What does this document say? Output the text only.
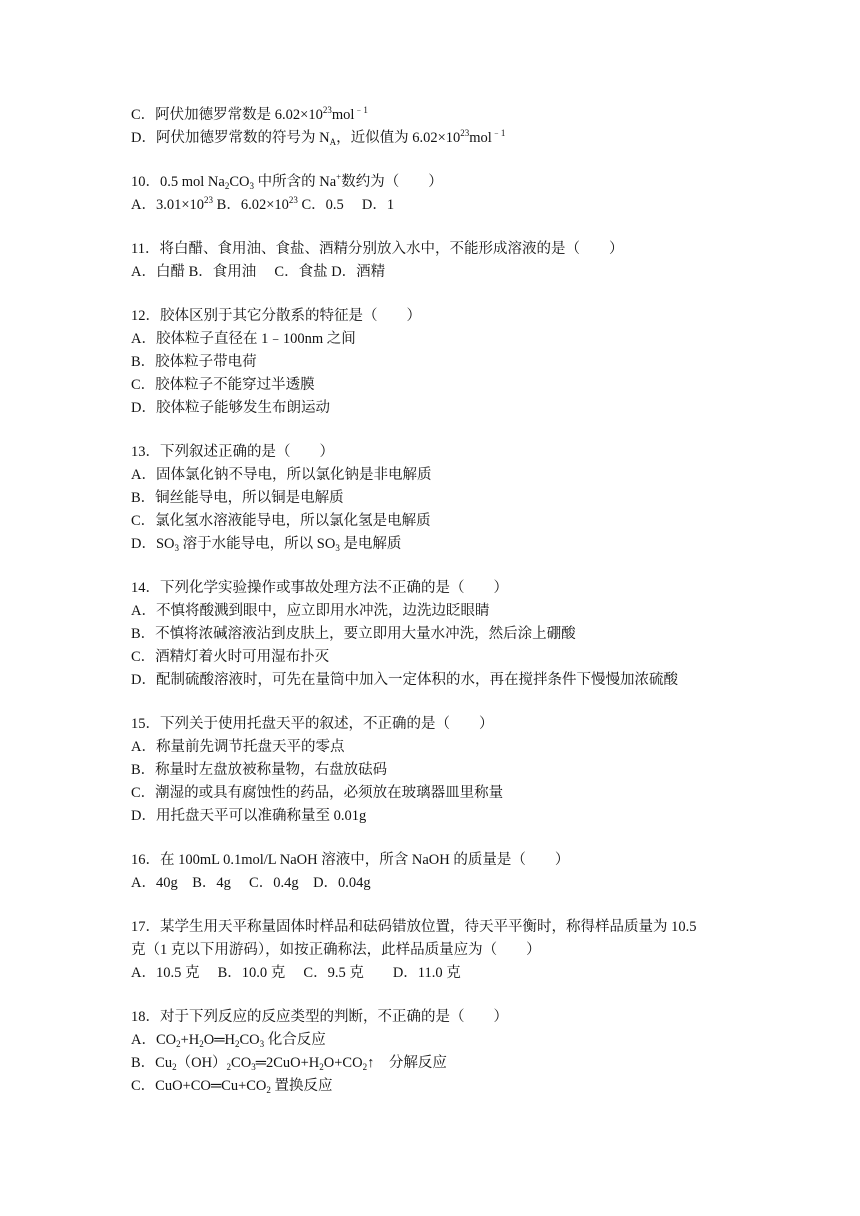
C．阿伏加德罗常数是 $6.02\times 10^{23}mol^{﹣1}$
D．阿伏加德罗常数的符号为 $N_A$，近似值为 $6.02\times 10^{23}mol^{﹣1}$
10．0.5 mol $Na_2CO_3$ 中所含的 Na+数约为（　　）
A．$3.01\times 10^{23}$ B．$6.02\times 10^{23}$ C．0.5　 D．1
11．将白醋、食用油、食盐、酒精分别放入水中，不能形成溶液的是（　　）
A．白醋 B．食用油　 C．食盐 D．酒精
12．胶体区别于其它分散系的特征是（　　）
A．胶体粒子直径在 1﹣100nm 之间
B．胶体粒子带电荷
C．胶体粒子不能穿过半透膜
D．胶体粒子能够发生布朗运动
13．下列叙述正确的是（　　）
A．固体氯化钠不导电，所以氯化钠是非电解质
B．铜丝能导电，所以铜是电解质
C．氯化氢水溶液能导电，所以氯化氢是电解质
D．$SO_3$ 溶于水能导电，所以 $SO_3$ 是电解质
14．下列化学实验操作或事故处理方法不正确的是（　　）
A．不慎将酸溅到眼中，应立即用水冲洗，边洗边眨眼睛
B．不慎将浓碱溶液沾到皮肤上，要立即用大量水冲洗，然后涂上硼酸
C．酒精灯着火时可用湿布扑灭
D．配制硫酸溶液时，可先在量筒中加入一定体积的水，再在搅拌条件下慢慢加浓硫酸
15．下列关于使用托盘天平的叙述，不正确的是（　　）
A．称量前先调节托盘天平的零点
B．称量时左盘放被称量物，右盘放砝码
C．潮湿的或具有腐蚀性的药品，必须放在玻璃器皿里称量
D．用托盘天平可以准确称量至 0.01g
16．在 100mL 0.1mol/L NaOH 溶液中，所含 NaOH 的质量是（　　）
A．40g　B．4g　 C．0.4g　D．0.04g
17．某学生用天平称量固体时样品和砝码错放位置，待天平平衡时，称得样品质量为 10.5
克（1 克以下用游码），如按正确称法，此样品质量应为（　　）
A．10.5 克　 B．10.0 克　 C．9.5 克　　D．11.0 克
18．对于下列反应的反应类型的判断，不正确的是（　　）
A．$CO_2+H_2O═H_2CO_3$ 化合反应
B．$Cu_2(OH)_2CO_3═2CuO+H_2O+CO_2↑$　分解反应
C．$CuO+CO═Cu+CO_2$ 置换反应
